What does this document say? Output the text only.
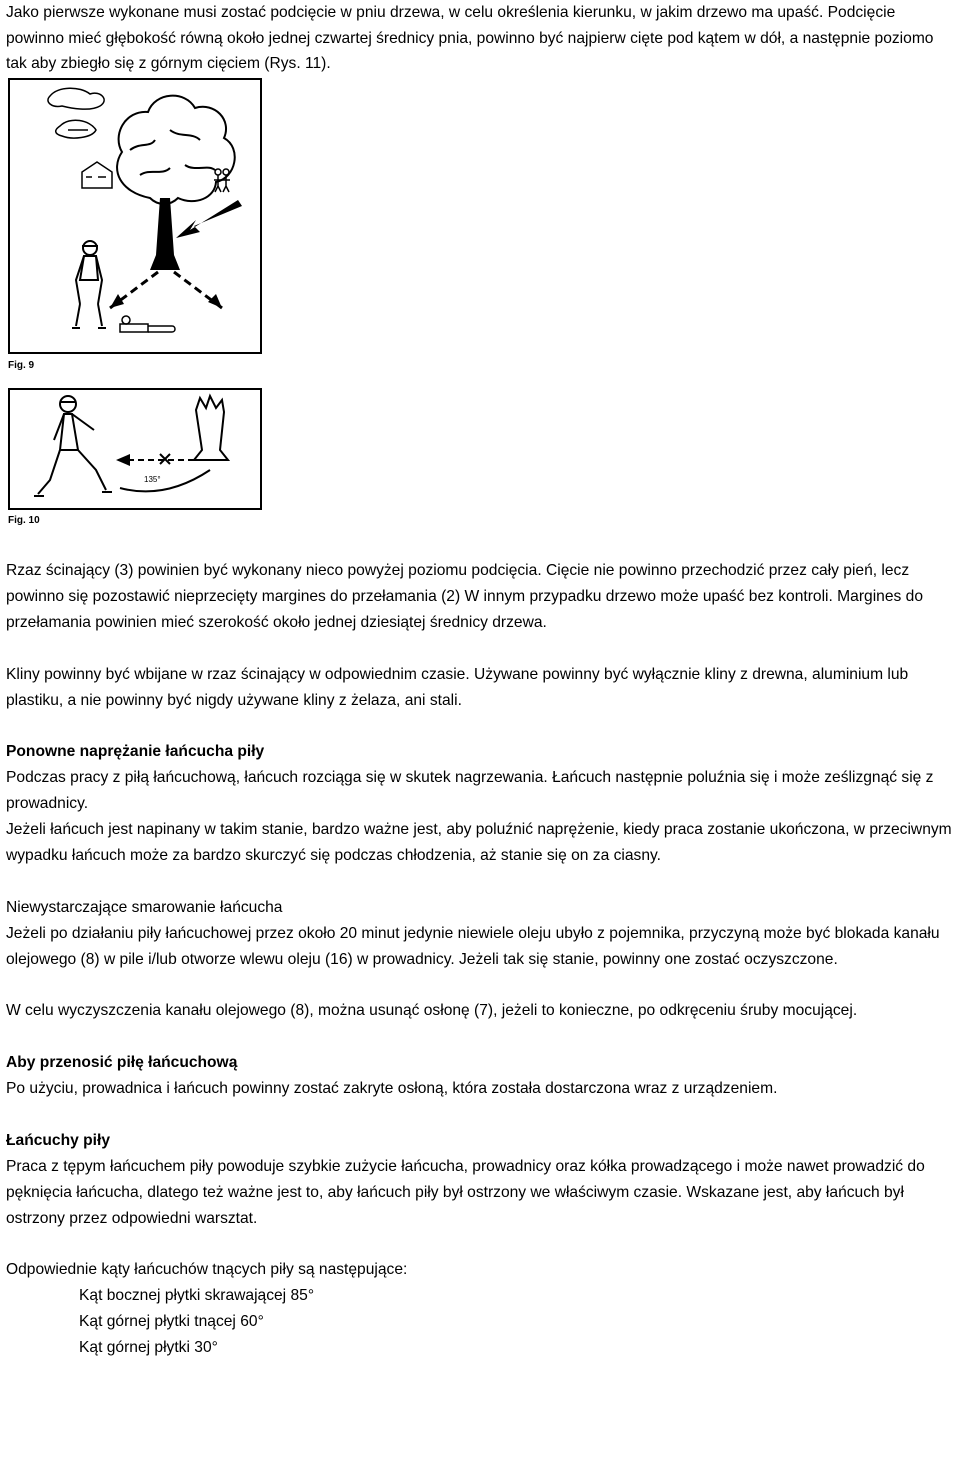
Jako pierwsze wykonane musi zostać podcięcie w pniu drzewa, w celu określenia kierunku, w jakim drzewo ma upaść. Podcięcie powinno mieć głębokość równą około jednej czwartej średnicy pnia, powinno być najpierw cięte pod kątem w dół, a następnie poziomo tak aby zbiegło się z górnym cięciem (Rys. 11).

Fig. 9
135°
Fig. 10

Rzaz ścinający (3) powinien być wykonany nieco powyżej poziomu podcięcia. Cięcie nie powinno przechodzić przez cały pień, lecz powinno się pozostawić nieprzecięty margines do przełamania (2) W innym przypadku drzewo może upaść bez kontroli. Margines do przełamania powinien mieć szerokość około jednej dziesiątej średnicy drzewa.

Kliny powinny być wbijane w rzaz ścinający w odpowiednim czasie. Używane powinny być wyłącznie kliny z drewna, aluminium lub plastiku, a nie powinny być nigdy używane kliny z żelaza, ani stali.

Ponowne naprężanie łańcucha piły

Podczas pracy z piłą łańcuchową, łańcuch rozciąga się w skutek nagrzewania. Łańcuch następnie poluźnia się i może ześlizgnąć się z prowadnicy.

Jeżeli łańcuch jest napinany w takim stanie, bardzo ważne jest, aby poluźnić naprężenie, kiedy praca zostanie ukończona, w przeciwnym wypadku łańcuch może za bardzo skurczyć się podczas chłodzenia, aż stanie się on za ciasny.

Niewystarczające smarowanie łańcucha

Jeżeli po działaniu piły łańcuchowej przez około 20 minut jedynie niewiele oleju ubyło z pojemnika, przyczyną może być blokada kanału olejowego (8) w pile i/lub otworze wlewu oleju (16) w prowadnicy. Jeżeli tak się stanie, powinny one zostać oczyszczone.

W celu wyczyszczenia kanału olejowego (8), można usunąć osłonę (7), jeżeli to konieczne, po odkręceniu śruby mocującej.

Aby przenosić piłę łańcuchową

Po użyciu, prowadnica i łańcuch powinny zostać zakryte osłoną, która została dostarczona wraz z urządzeniem.

Łańcuchy piły

Praca z tępym łańcuchem piły powoduje szybkie zużycie łańcucha, prowadnicy oraz kółka prowadzącego i może nawet prowadzić do pęknięcia łańcucha, dlatego też ważne jest to, aby łańcuch piły był ostrzony we właściwym czasie. Wskazane jest, aby łańcuch był ostrzony przez odpowiedni warsztat.

Odpowiednie kąty łańcuchów tnących piły są następujące:

Kąt bocznej płytki skrawającej 85°
Kąt górnej płytki tnącej 60°
Kąt górnej płytki 30°
